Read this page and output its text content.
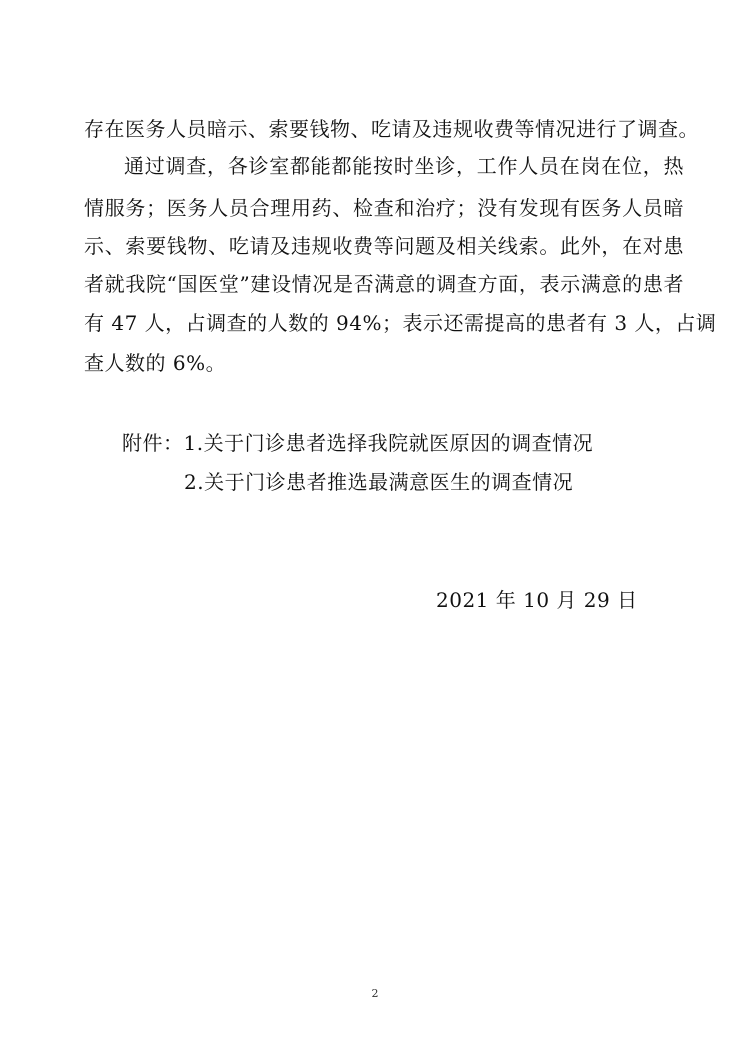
存在医务人员暗示、索要钱物、吃请及违规收费等情况进行了调查。
通过调查，各诊室都能都能按时坐诊，工作人员在岗在位，热
情服务；医务人员合理用药、检查和治疗；没有发现有医务人员暗
示、索要钱物、吃请及违规收费等问题及相关线索。此外，在对患
者就我院“国医堂”建设情况是否满意的调查方面，表示满意的患者
有 47 人，占调查的人数的 94%；表示还需提高的患者有 3 人，占调
查人数的 6%。
附件：1.关于门诊患者选择我院就医原因的调查情况
2.关于门诊患者推选最满意医生的调查情况
2021 年 10 月 29 日
2
